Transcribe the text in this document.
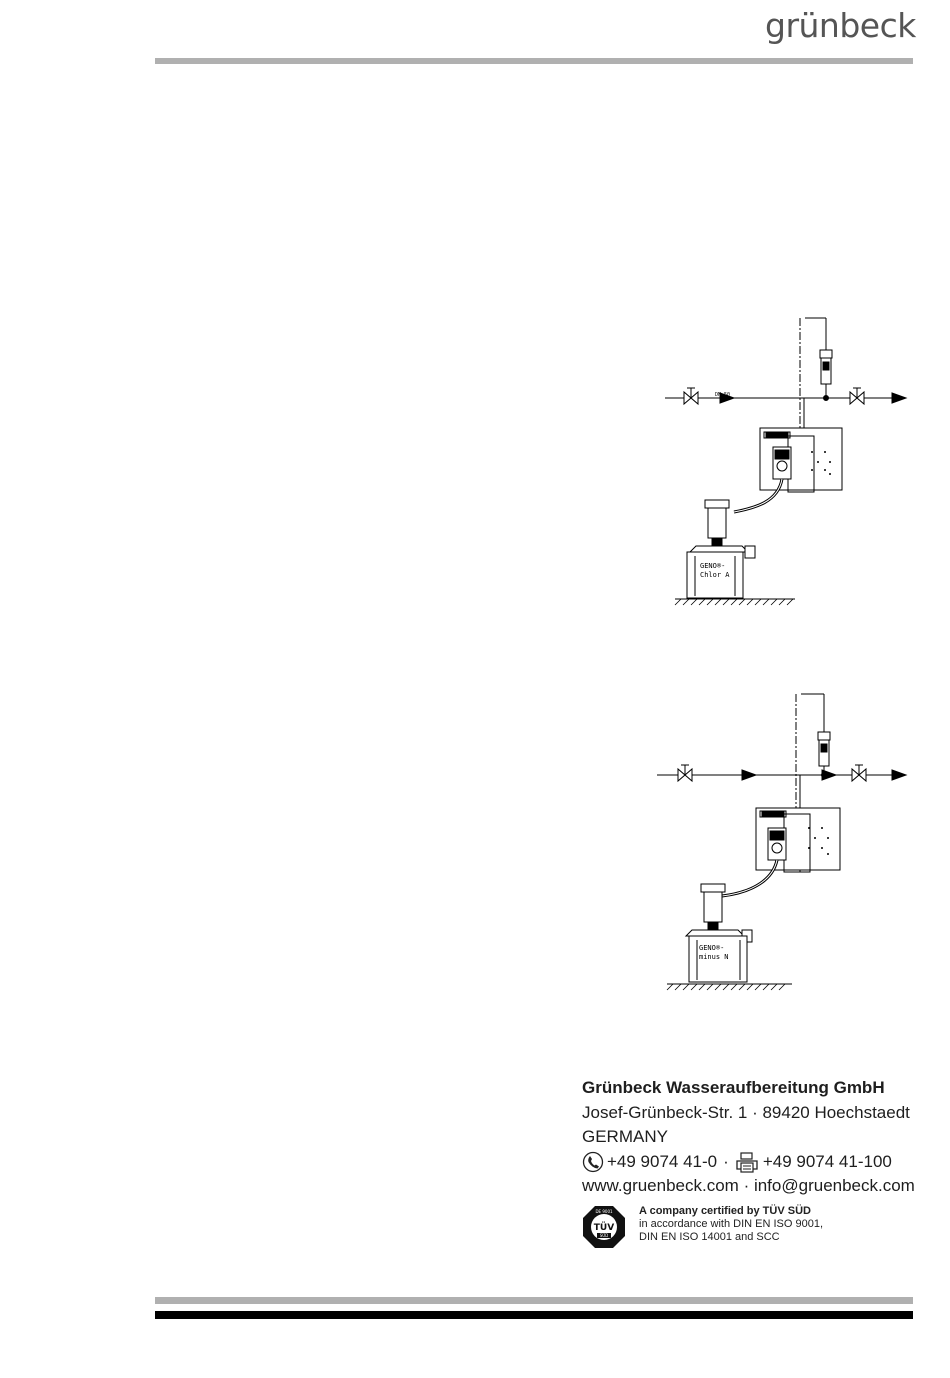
grünbeck
DN 50
GENO®-
Chlor A
GENO®-
minus N
Grünbeck Wasseraufbereitung GmbH
Josef-Grünbeck-Str. 1 · 89420 Hoechstaedt
GERMANY
+49 9074 41-0 · +49 9074 41-100
www.gruenbeck.com · info@gruenbeck.com
DE 9001
TÜV
SÜD
A company certified by TÜV SÜD
in accordance with DIN EN ISO 9001,
DIN EN ISO 14001 and SCC
